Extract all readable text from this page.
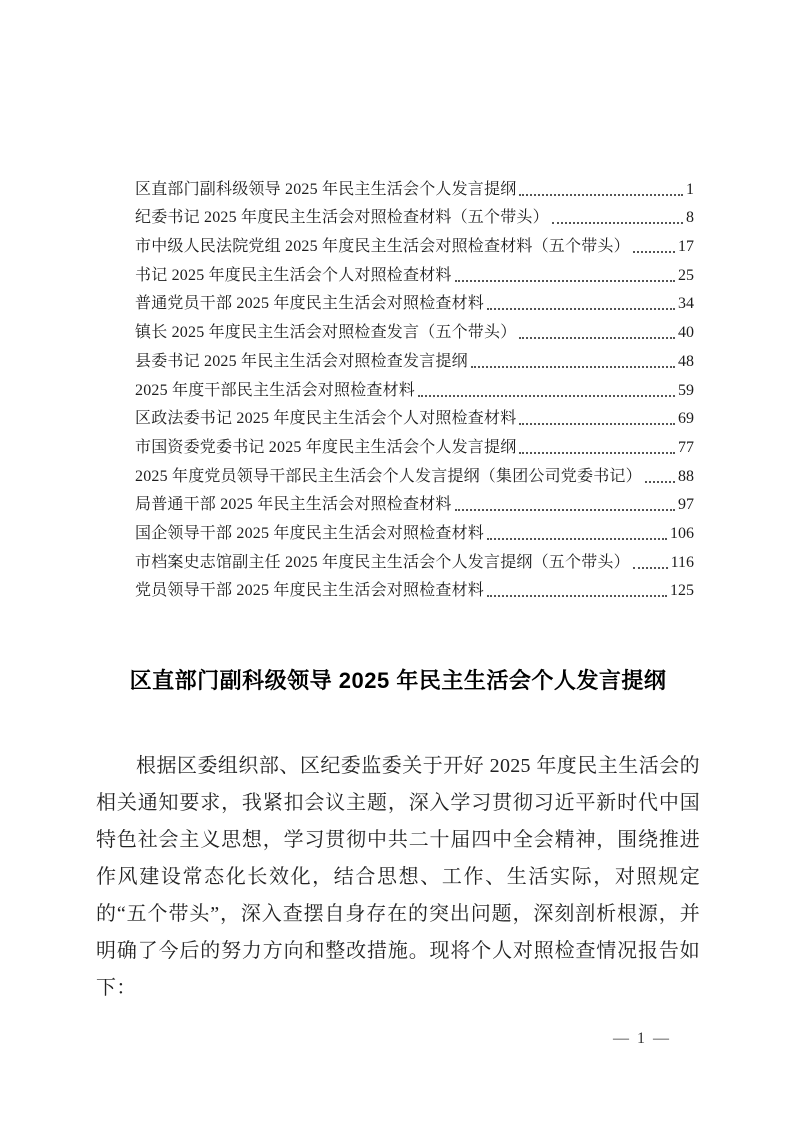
区直部门副科级领导 2025 年民主生活会个人发言提纲	1
纪委书记 2025 年度民主生活会对照检查材料（五个带头）	8
市中级人民法院党组 2025 年度民主生活会对照检查材料（五个带头）	17
书记 2025 年度民主生活会个人对照检查材料	25
普通党员干部 2025 年度民主生活会对照检查材料	34
镇长 2025 年度民主生活会对照检查发言（五个带头）	40
县委书记 2025 年民主生活会对照检查发言提纲	48
2025 年度干部民主生活会对照检查材料	59
区政法委书记 2025 年度民主生活会个人对照检查材料	69
市国资委党委书记 2025 年度民主生活会个人发言提纲	77
2025 年度党员领导干部民主生活会个人发言提纲（集团公司党委书记） 88
局普通干部 2025 年民主生活会对照检查材料	97
国企领导干部 2025 年度民主生活会对照检查材料	106
市档案史志馆副主任 2025 年度民主生活会个人发言提纲（五个带头）	116
党员领导干部 2025 年度民主生活会对照检查材料	125
区直部门副科级领导 2025 年民主生活会个人发言提纲

根据区委组织部、区纪委监委关于开好 2025 年度民主生活会的相关通知要求，我紧扣会议主题，深入学习贯彻习近平新时代中国特色社会主义思想，学习贯彻中共二十届四中全会精神，围绕推进作风建设常态化长效化，结合思想、工作、生活实际，对照规定的“五个带头”，深入查摆自身存在的突出问题，深刻剖析根源，并明确了今后的努力方向和整改措施。现将个人对照检查情况报告如下：

— 1 —
